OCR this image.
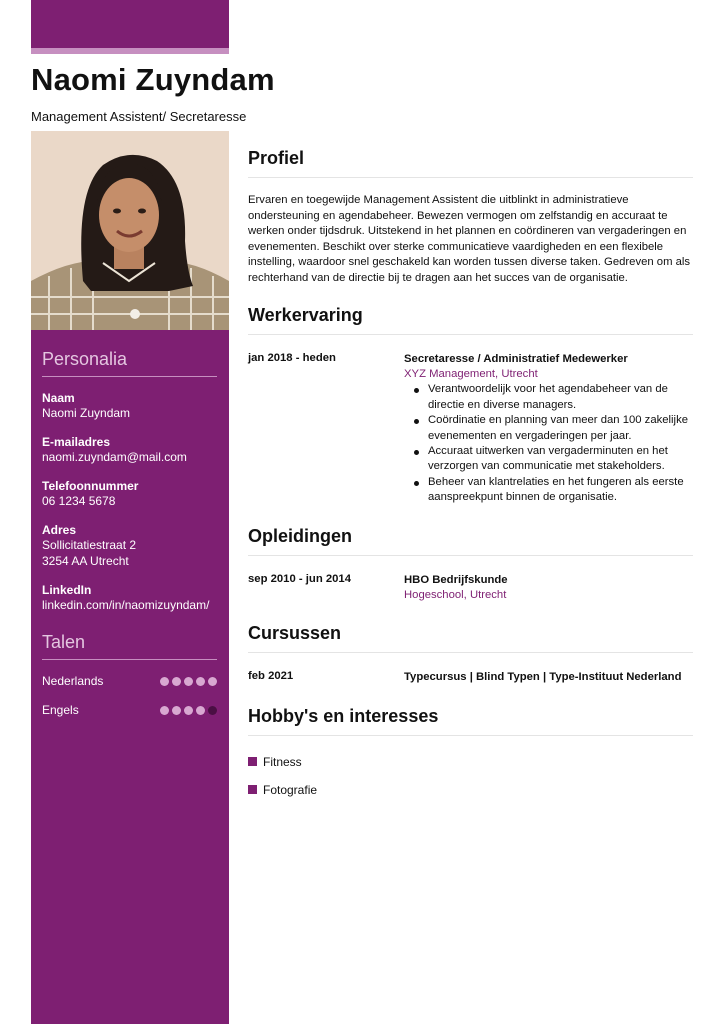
Naomi Zuyndam
Management Assistent/ Secretaresse
Personalia
Naam
Naomi Zuyndam
E-mailadres
naomi.zuyndam@mail.com
Telefoonnummer
06 1234 5678
Adres
Sollicitatiestraat 2
3254 AA Utrecht
LinkedIn
linkedin.com/in/naomizuyndam/
Talen
Nederlands
Engels
Profiel
Ervaren en toegewijde Management Assistent die uitblinkt in administratieve ondersteuning en agendabeheer. Bewezen vermogen om zelfstandig en accuraat te werken onder tijdsdruk. Uitstekend in het plannen en coördineren van vergaderingen en evenementen. Beschikt over sterke communicatieve vaardigheden en een flexibele instelling, waardoor snel geschakeld kan worden tussen diverse taken. Gedreven om als rechterhand van de directie bij te dragen aan het succes van de organisatie.
Werkervaring
jan 2018 - heden	Secretaresse / Administratief Medewerker
XYZ Management, Utrecht
Verantwoordelijk voor het agendabeheer van de directie en diverse managers.
Coördinatie en planning van meer dan 100 zakelijke evenementen en vergaderingen per jaar.
Accuraat uitwerken van vergaderminuten en het verzorgen van communicatie met stakeholders.
Beheer van klantrelaties en het fungeren als eerste aanspreekpunt binnen de organisatie.
Opleidingen
sep 2010 - jun 2014	HBO Bedrijfskunde
Hogeschool, Utrecht
Cursussen
feb 2021	Typecursus | Blind Typen | Type-Instituut Nederland
Hobby's en interesses
Fitness
Fotografie
